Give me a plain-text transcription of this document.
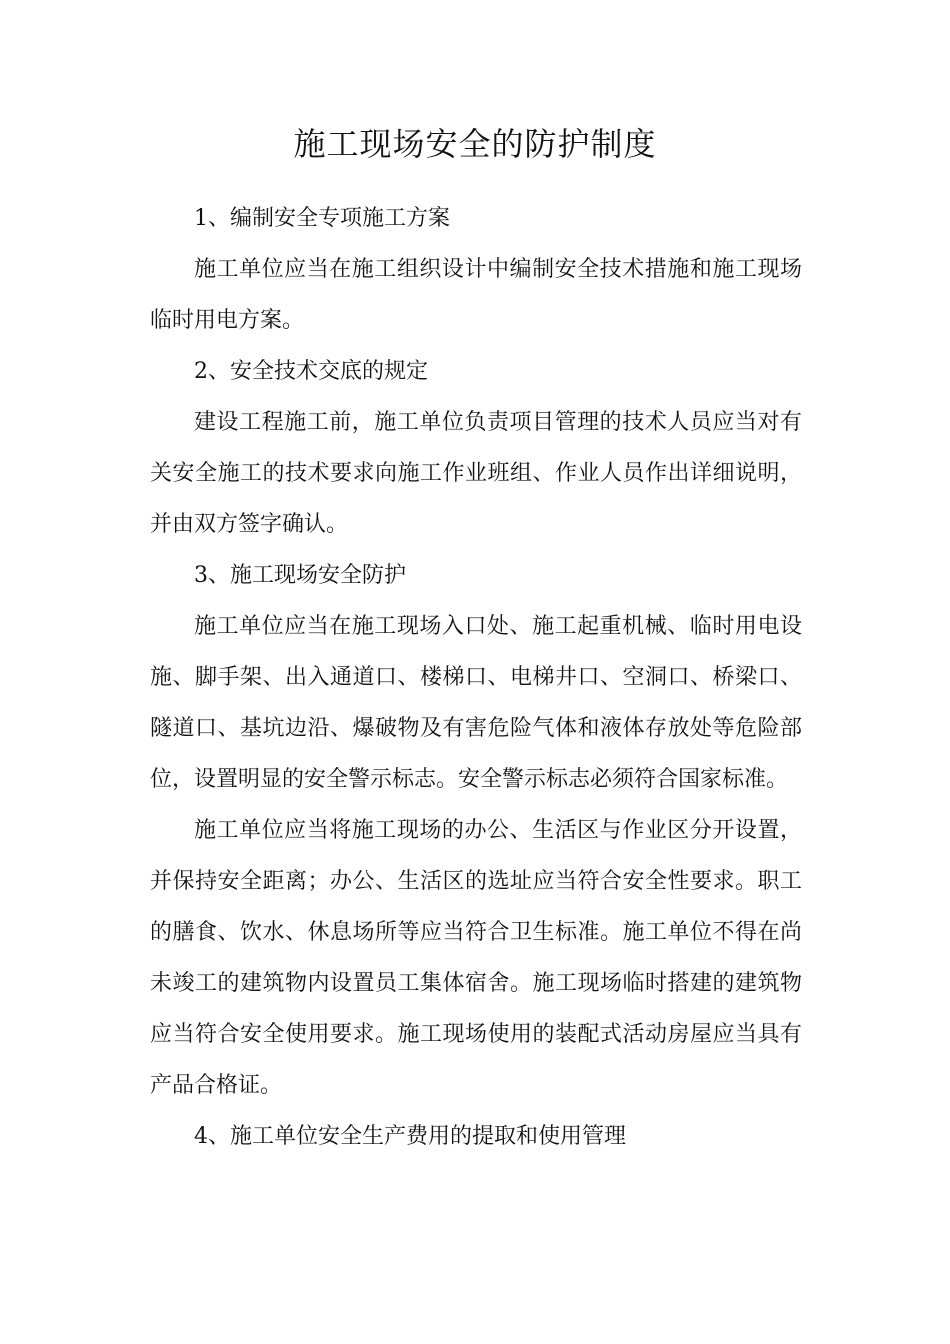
施工现场安全的防护制度

1、编制安全专项施工方案

施工单位应当在施工组织设计中编制安全技术措施和施工现场临时用电方案。

2、安全技术交底的规定

建设工程施工前，施工单位负责项目管理的技术人员应当对有关安全施工的技术要求向施工作业班组、作业人员作出详细说明，并由双方签字确认。

3、施工现场安全防护

施工单位应当在施工现场入口处、施工起重机械、临时用电设施、脚手架、出入通道口、楼梯口、电梯井口、空洞口、桥梁口、隧道口、基坑边沿、爆破物及有害危险气体和液体存放处等危险部位，设置明显的安全警示标志。安全警示标志必须符合国家标准。

施工单位应当将施工现场的办公、生活区与作业区分开设置，并保持安全距离；办公、生活区的选址应当符合安全性要求。职工的膳食、饮水、休息场所等应当符合卫生标准。施工单位不得在尚未竣工的建筑物内设置员工集体宿舍。施工现场临时搭建的建筑物应当符合安全使用要求。施工现场使用的装配式活动房屋应当具有产品合格证。

4、施工单位安全生产费用的提取和使用管理
